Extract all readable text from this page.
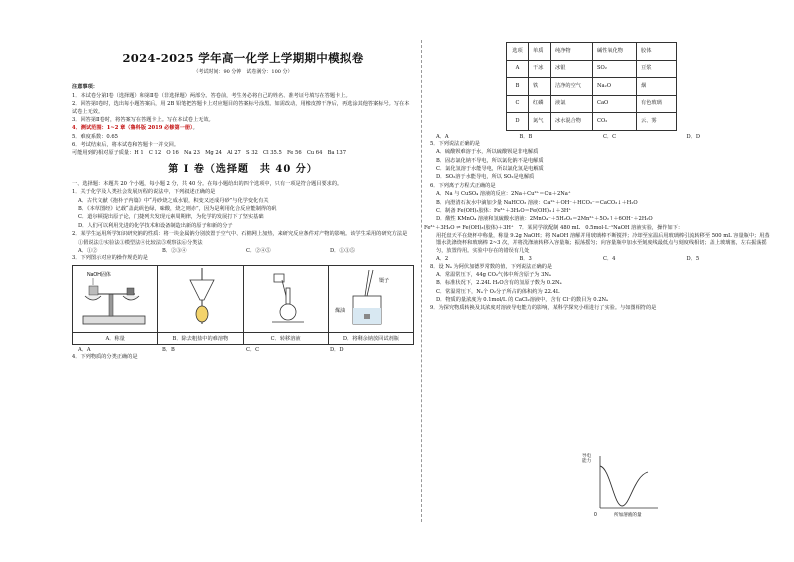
2024-2025 学年高一化学上学期期中模拟卷
（考试时间：90 分钟　试卷满分：100 分）

注意事项：

1．本试卷分第Ⅰ卷（选择题）和第Ⅱ卷（非选择题）两部分。答卷前，考生务必将自己的姓名、准考证号填写在答题卡上。

2．回答第Ⅰ卷时，选出每小题答案后，用 2B 铅笔把答题卡上对应题目的答案标号涂黑。如需改动，用橡皮擦干净后，再选涂其他答案标号。写在本试卷上无效。

3．回答第Ⅱ卷时，将答案写在答题卡上。写在本试卷上无效。

4．测试范围：1~2 章（鲁科版 2019 必修第一册）。

5．难度系数：0.65

6．考试结束后，将本试卷和答题卡一并交回。

可能用到的相对原子质量：H 1　C 12　O 16　Na 23　Mg 24　Al 27　S 32　Cl 35.5　Fe 56　Cu 64　Ba 137

第 I 卷（选择题　共 40 分）

一、选择题：本题共 20 个小题，每小题 2 分，共 40 分。在每小题给出的四个选项中，只有一项是符合题目要求的。

1．关于化学及人类社会发展历程的说法中，下列叙述正确的是

A．古代文献《抱朴子内篇》中“丹砂烧之成水银，积变又还成丹砂”与化学变化有关

B．《本草图经》记载“盖此矾色绿，味酸，烧之则赤”，因为是利用化合反应能制得的矾

C．道尔顿提出原子论，门捷列夫发现元素周期律，为化学的发展打下了坚实基础

D．人们可以利用先进的化学技术和设备制造出新的原子和新的分子

2．某学生运用所学知识研究钠的性质：将一块金属钠分别放置于空气中、石棉网上加热，来研究反应条件对产物的影响。该学生采用的研究方法是

①假说法②实验法③模型法④比较法⑤观察法⑥分类法

A．①②	B．②③④	C．②④⑤	D．①③⑤

3．下列图示对应的操作规范的是

NaOH固体
A．称量	B．除去粗盐中的难溶物	C．转移溶液
镊子
煤油
D．将剩余钠放回试剂瓶
A．A	B．B	C．C	D．D

4．下列物质的分类正确的是

选项	单质	纯净物	碱性氧化物	胶体
A	干冰	冰银	SO₂	豆浆
B	铁	洁净的空气	Na₂O	烟
C	红磷	液氯	CaO	有色玻璃
D	氮气	冰水混合物	CO₂	云、雾
A．A	B．B	C．C	D．D

5．下列说法正确的是

A．硫酸钡难溶于水，所以硫酸钡是非电解质

B．固态氯化钠不导电，所以氯化钠不是电解质

C．氯化氢溶于水能导电，所以氯化氢是电解质

D．SO₂溶于水能导电，所以 SO₂是电解质

6．下列离子方程式正确的是

A．Na 与 CuSO₄ 溶液的反应：2Na＋Cu²⁺＝Cu＋2Na⁺

B．向澄清石灰水中滴加少量 NaHCO₃ 溶液：Ca²⁺＋OH⁻＋HCO₃⁻＝CaCO₃↓＋H₂O

C．制备 Fe(OH)₃胶体：Fe³⁺＋3H₂O＝Fe(OH)₃↓＋3H⁺

D．酸性 KMnO₄ 溶液和氢硫酸水溶液：2MnO₄⁻＋5H₂O₂＝2Mn²⁺＋5O₂↑＋6OH⁻＋2H₂O

Fe³⁺＋3H₂O ⇌ Fe(OH)₃(胶体)＋3H⁺　 7．某同学欲配制 480 mL　0.5mol·L⁻¹NaOH 溶液实验，操作如下：

用托盘天平在烧杯中称量，称量 9.2g NaOH；将 NaOH 溶解并用玻璃棒不断搅拌；冷却至室温后用玻璃棒引流转移至 500 mL 容量瓶中；用蒸馏水洗涤烧杯和玻璃棒 2~3 次，并将洗涤液转移入容量瓶；振荡摇匀；向容量瓶中加水至刻度线最低点与刻度线相切；盖上玻璃塞，左右振荡摇匀，放置待用。实验中存在的错误有几处

A．2	B．3	C．4	D．5

8．设 Nₐ 为阿伏加德罗常数的值，下列说法正确的是

A．常温常压下，44g CO₂气体中所含原子为 3Nₐ

B．标准状况下，2.24L H₂O含有的氢原子数为 0.2Nₐ

C．常温常压下，Nₐ个 O₂分子所占的体积约为 22.4L

D．物质的量浓度为 0.1mol/L 的 CaCl₂溶液中，含有 Cl⁻的数目为 0.2Nₐ

9．为探究物质转换及其浓度对溶液导电能力的影响，某科学探究小组进行了实验。与如图相符的是

0	所加溶液的量
导电能力
